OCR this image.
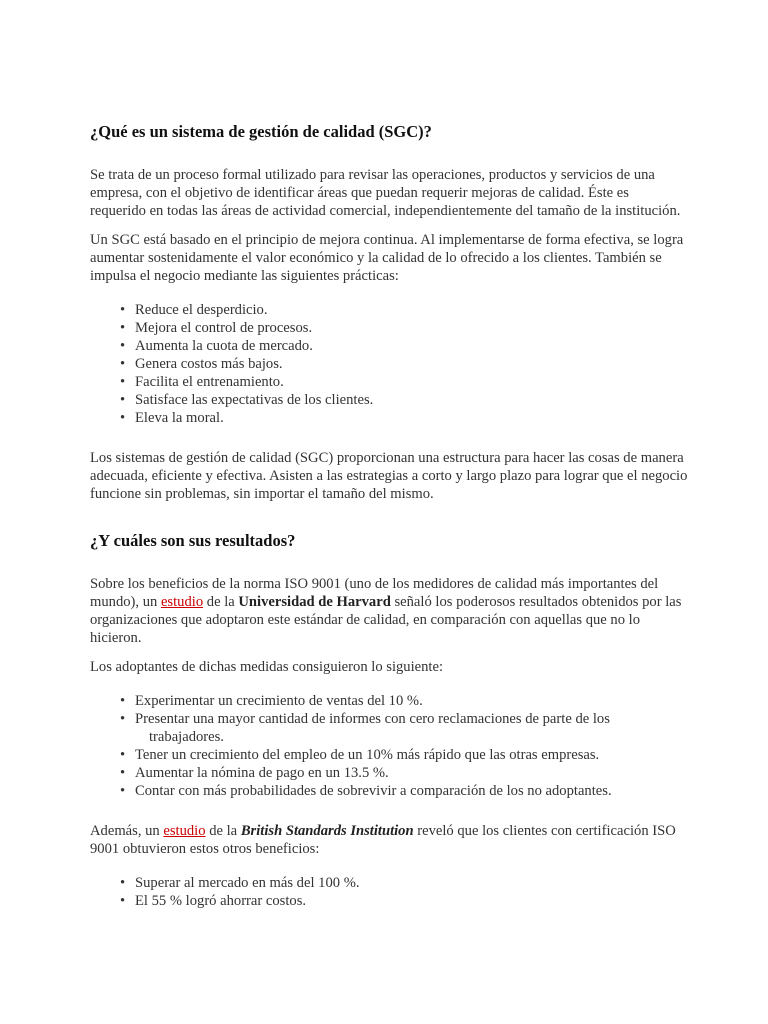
¿Qué es un sistema de gestión de calidad (SGC)?

Se trata de un proceso formal utilizado para revisar las operaciones, productos y servicios de una empresa, con el objetivo de identificar áreas que puedan requerir mejoras de calidad. Éste es requerido en todas las áreas de actividad comercial, independientemente del tamaño de la institución.

Un SGC está basado en el principio de mejora continua. Al implementarse de forma efectiva, se logra aumentar sostenidamente el valor económico y la calidad de lo ofrecido a los clientes. También se impulsa el negocio mediante las siguientes prácticas:

• Reduce el desperdicio.
• Mejora el control de procesos.
• Aumenta la cuota de mercado.
• Genera costos más bajos.
• Facilita el entrenamiento.
• Satisface las expectativas de los clientes.
• Eleva la moral.

Los sistemas de gestión de calidad (SGC) proporcionan una estructura para hacer las cosas de manera adecuada, eficiente y efectiva. Asisten a las estrategias a corto y largo plazo para lograr que el negocio funcione sin problemas, sin importar el tamaño del mismo.

¿Y cuáles son sus resultados?

Sobre los beneficios de la norma ISO 9001 (uno de los medidores de calidad más importantes del mundo), un estudio de la Universidad de Harvard señaló los poderosos resultados obtenidos por las organizaciones que adoptaron este estándar de calidad, en comparación con aquellas que no lo hicieron.

Los adoptantes de dichas medidas consiguieron lo siguiente:

• Experimentar un crecimiento de ventas del 10 %.
• Presentar una mayor cantidad de informes con cero reclamaciones de parte de los
trabajadores.
• Tener un crecimiento del empleo de un 10% más rápido que las otras empresas.
• Aumentar la nómina de pago en un 13.5 %.
• Contar con más probabilidades de sobrevivir a comparación de los no adoptantes.

Además, un estudio de la British Standards Institution reveló que los clientes con certificación ISO 9001 obtuvieron estos otros beneficios:

• Superar al mercado en más del 100 %.
• El 55 % logró ahorrar costos.
